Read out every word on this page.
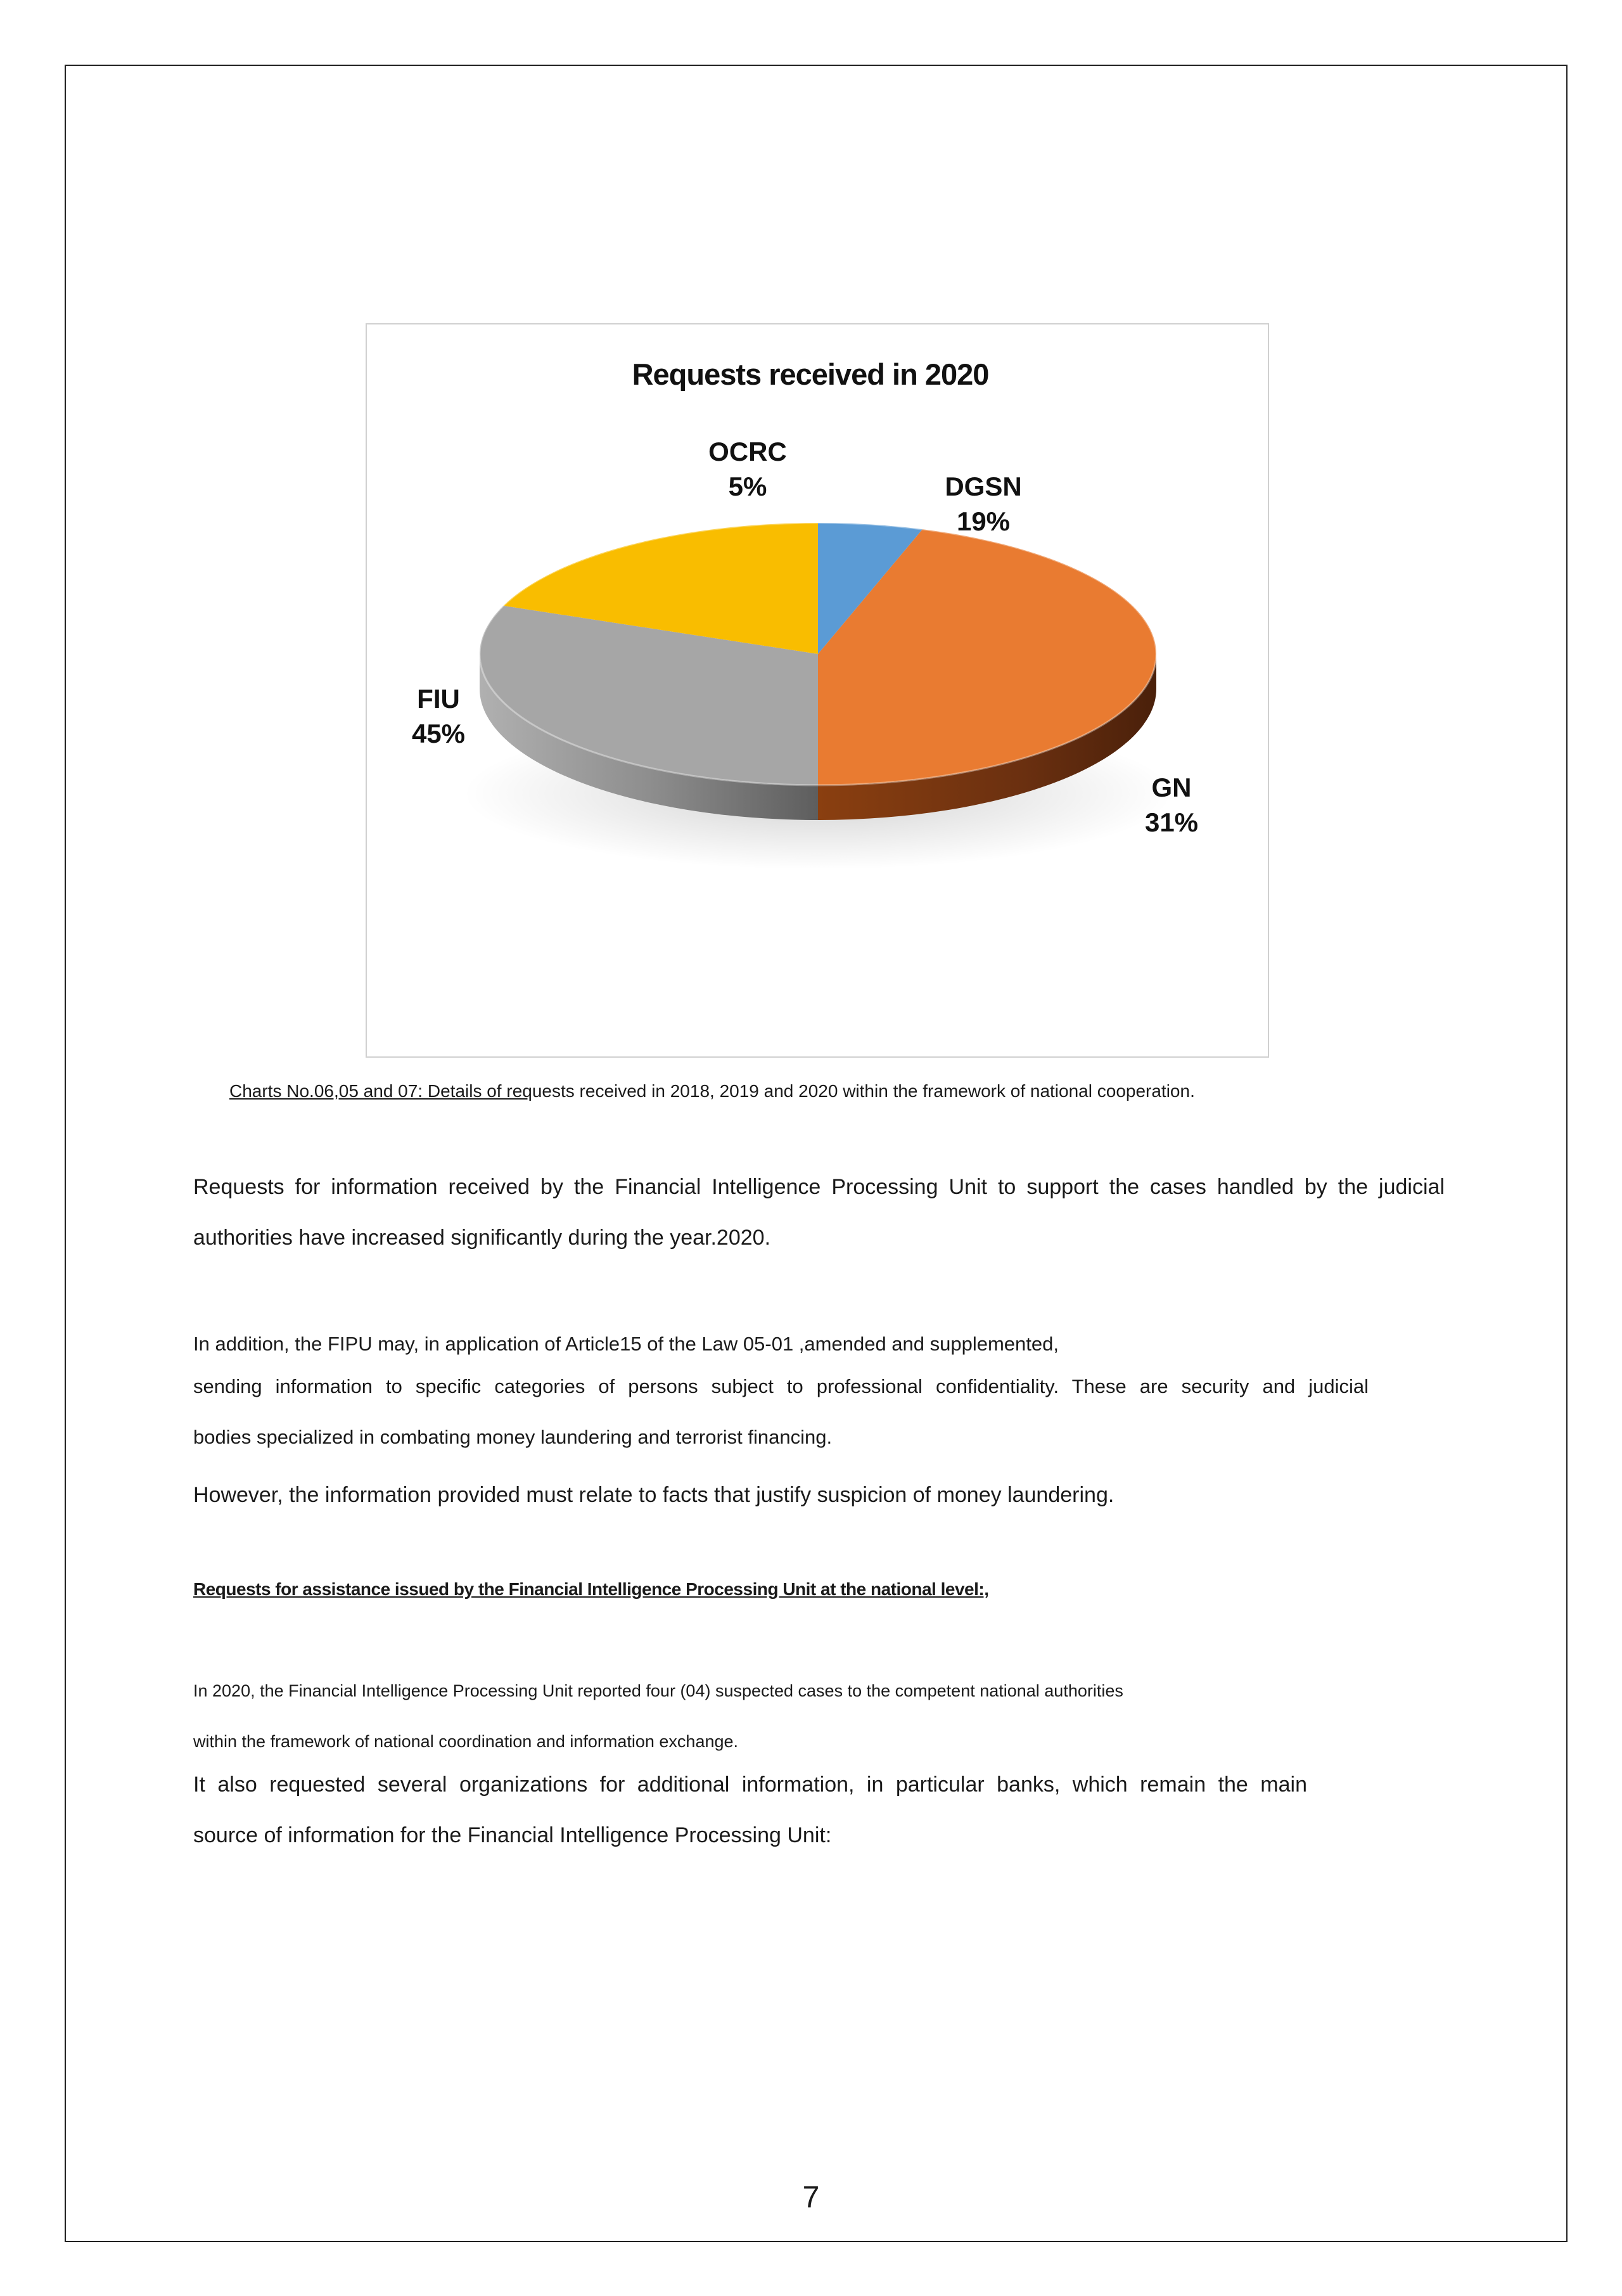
Requests received in 2020
OCRC
5%	DGSN
19%
GN
31%
FIU
45%
Charts No.06,05 and 07: Details of requests received in 2018, 2019 and 2020 within the framework of national cooperation.
Requests for information received by the Financial Intelligence Processing Unit to support the cases handled by the judicial
authorities have increased significantly during the year.2020.
In addition, the FIPU may, in application of Article15 of the Law 05-01 ,amended and supplemented,
sending information to specific categories of persons subject to professional confidentiality. These are security and judicial
bodies specialized in combating money laundering and terrorist financing.
However, the information provided must relate to facts that justify suspicion of money laundering.
Requests for assistance issued by the Financial Intelligence Processing Unit at the national level:,
In 2020, the Financial Intelligence Processing Unit reported four (04) suspected cases to the competent national authorities
within the framework of national coordination and information exchange.
It also requested several organizations for additional information, in particular banks, which remain the main
source of information for the Financial Intelligence Processing Unit:
7
